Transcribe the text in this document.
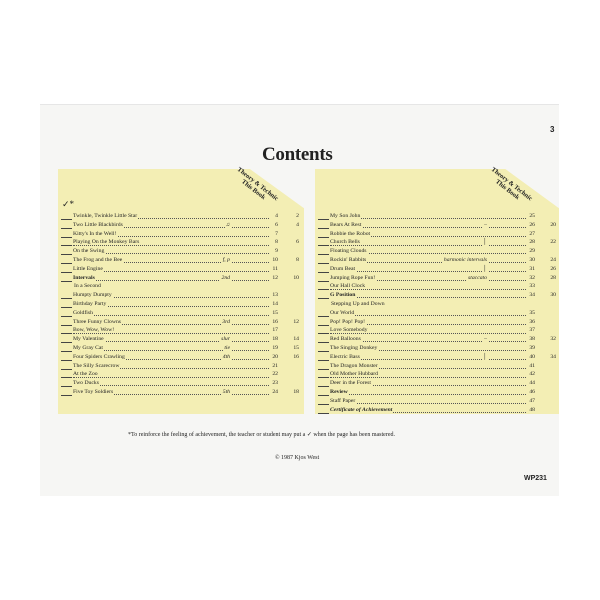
3
Contents
Theory & Technic
This Book	Theory & Technic
This Book
✓*
Twinkle, Twinkle Little Star	4	2
Two Little Blackbirds	♫	6	4
Kitty's In the Well!	7
Playing On the Monkey Bars	8	6
On the Swing	9
The Frog and the Bee	f, p	10	8
Little Engine	11
Intervals	2nd	12	10
In a Second
Humpty Dumpty	13
Birthday Party	14
Goldfish	15
Three Funny Clowns	3rd	16	12
Bow, Wow, Wow!	17
My Valentine	slur	18	14
My Gray Cat	tie	19	15
Four Spiders Crawling	4th	20	16
The Silly Scarecrow	21
At the Zoo	22
Two Ducks	23
Five Toy Soldiers	5th	24	18
My Son John	25
Bears At Rest	–	26	20
Robbie the Robot	27
Church Bells	│	28	22
Floating Clouds	29
Rockin' Rabbits	harmonic intervals	30	24
Drum Beat	│	31	26
Jumping Rope Fun!	staccato	32	28
Our Hall Clock	33
G Position	34	30
Stepping Up and Down
Our World	35
Pop! Pop! Pop!	36
Love Somebody	37
Red Balloons	–	38	32
The Singing Donkey	39
Electric Bass	│	40	34
The Dragon Monster	41
Old Mother Hubbard	42
Deer in the Forest	44
Review	46
Staff Paper	47
Certificate of Achievement	48
*To reinforce the feeling of achievement, the teacher or student may put a ✓ when the page has been mastered.
© 1987 Kjos West
WP231
